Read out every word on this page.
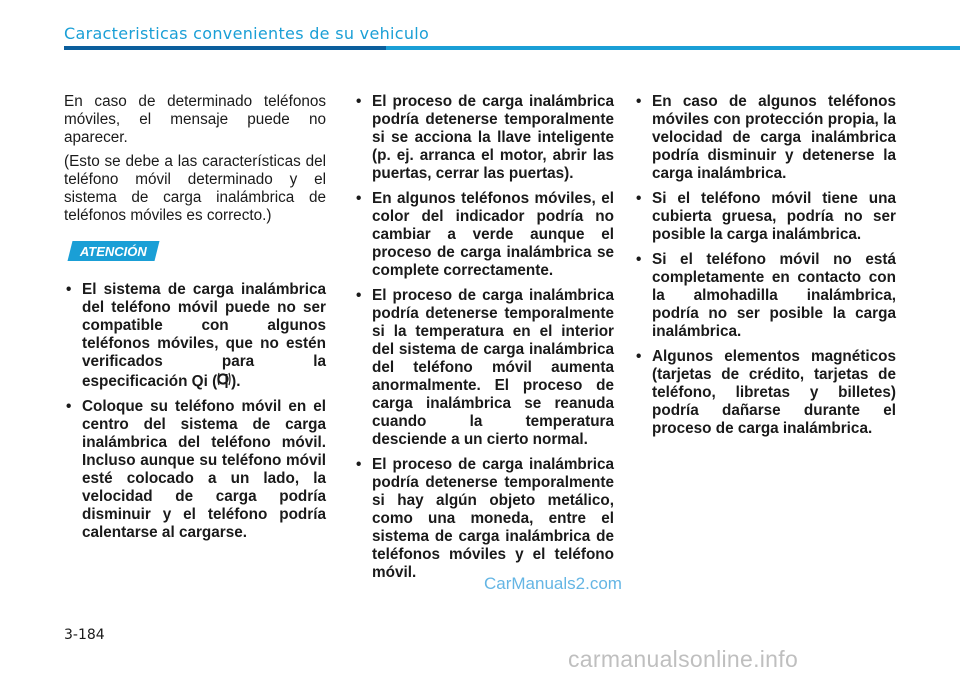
Caracteristicas convenientes de su vehiculo

En caso de determinado teléfonos móviles, el mensaje puede no aparecer.

(Esto se debe a las características del teléfono móvil determinado y el sistema de carga inalámbrica de teléfonos móviles es correcto.)

ATENCIÓN
• El sistema de carga inalámbrica del teléfono móvil puede no ser compatible con algunos teléfonos móviles, que no estén verificados para la especificación Qi ( ).
• Coloque su teléfono móvil en el centro del sistema de carga inalámbrica del teléfono móvil. Incluso aunque su teléfono móvil esté colocado a un lado, la velocidad de carga podría disminuir y el teléfono podría calentarse al cargarse.
• El proceso de carga inalámbrica podría detenerse temporalmente si se acciona la llave inteligente (p. ej. arranca el motor, abrir las puertas, cerrar las puertas).
• En algunos teléfonos móviles, el color del indicador podría no cambiar a verde aunque el proceso de carga inalámbrica se complete correctamente.
• El proceso de carga inalámbrica podría detenerse temporalmente si la temperatura en el interior del sistema de carga inalámbrica del teléfono móvil aumenta anormalmente. El proceso de carga inalámbrica se reanuda cuando la temperatura desciende a un cierto normal.
• El proceso de carga inalámbrica podría detenerse temporalmente si hay algún objeto metálico, como una moneda, entre el sistema de carga inalámbrica de teléfonos móviles y el teléfono móvil.
• En caso de algunos teléfonos móviles con protección propia, la velocidad de carga inalámbrica podría disminuir y detenerse la carga inalámbrica.
• Si el teléfono móvil tiene una cubierta gruesa, podría no ser posible la carga inalámbrica.
• Si el teléfono móvil no está completamente en contacto con la almohadilla inalámbrica, podría no ser posible la carga inalámbrica.
• Algunos elementos magnéticos (tarjetas de crédito, tarjetas de teléfono, libretas y billetes) podría dañarse durante el proceso de carga inalámbrica.
3-184
CarManuals2.com
carmanualsonline.info
